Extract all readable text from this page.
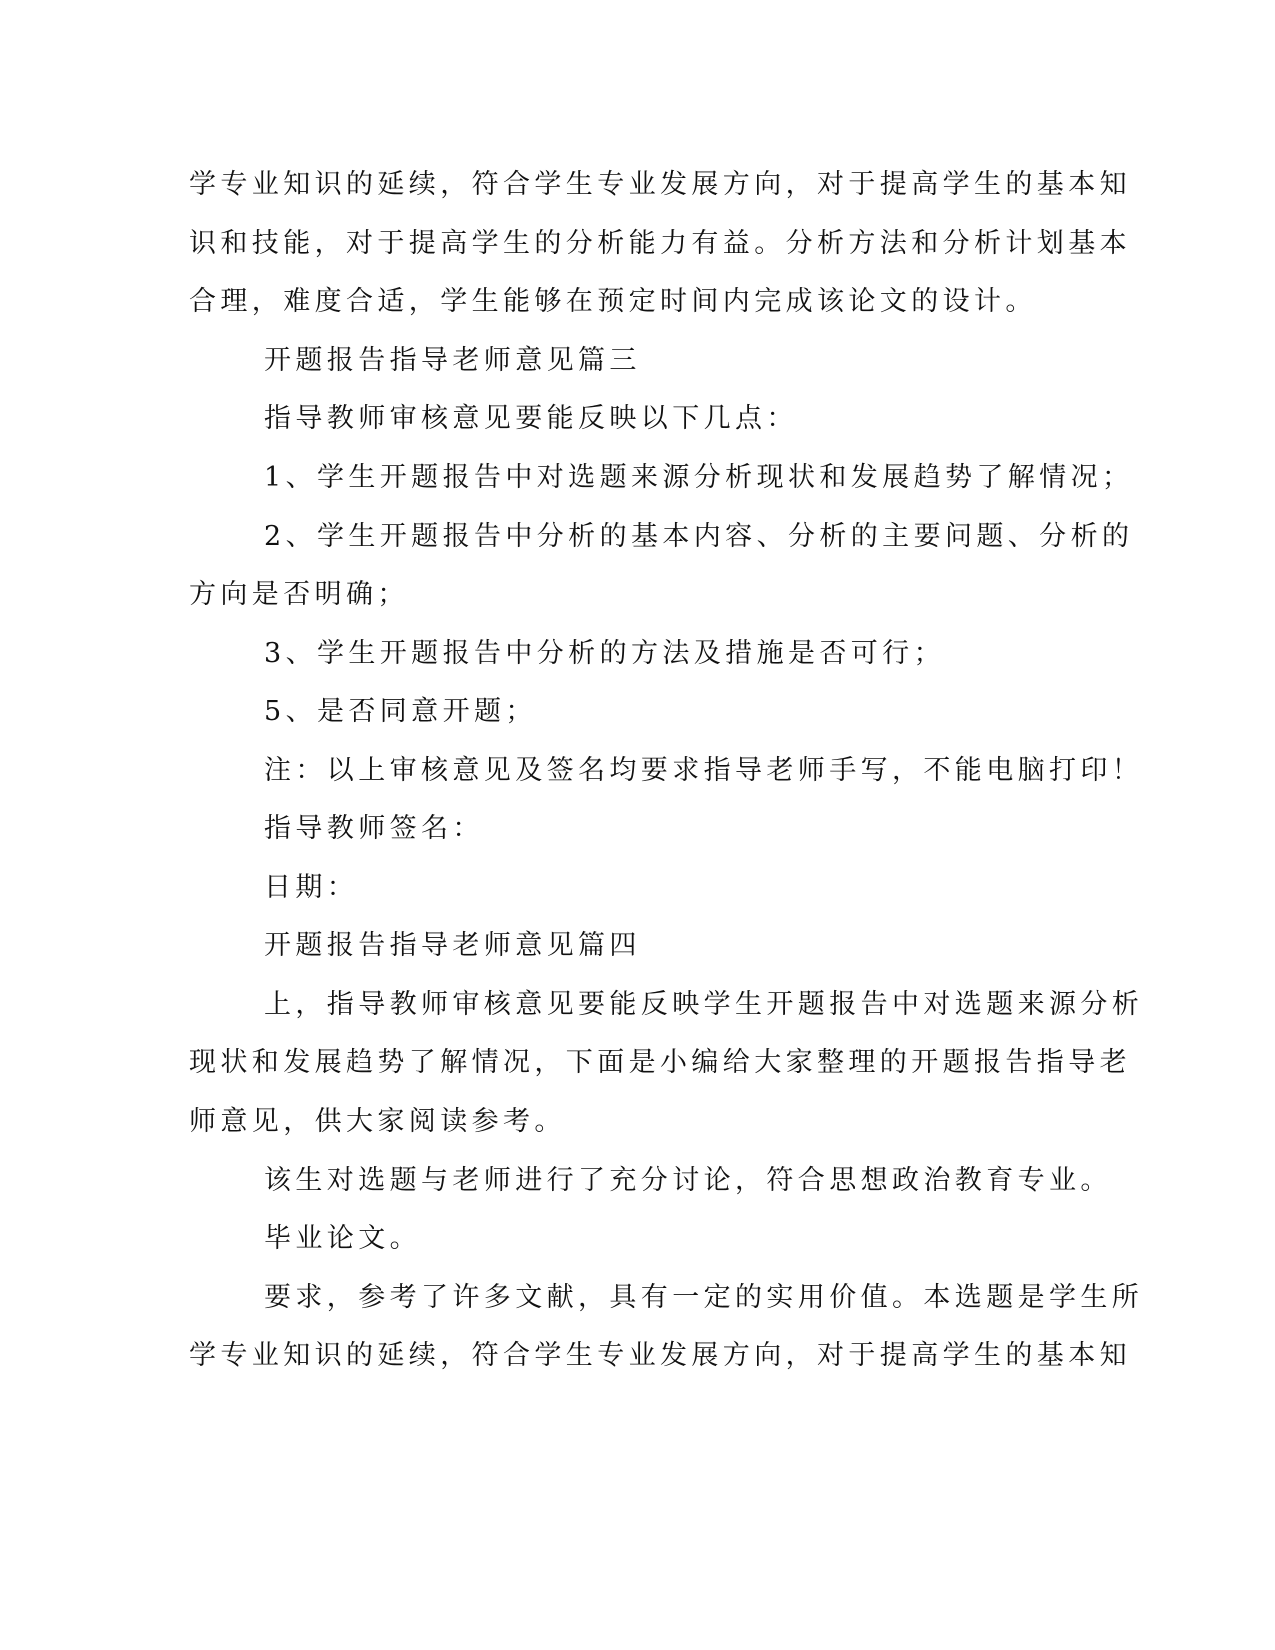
学专业知识的延续，符合学生专业发展方向，对于提高学生的基本知

识和技能，对于提高学生的分析能力有益。分析方法和分析计划基本

合理，难度合适，学生能够在预定时间内完成该论文的设计。

开题报告指导老师意见篇三

指导教师审核意见要能反映以下几点：

1、学生开题报告中对选题来源分析现状和发展趋势了解情况；

2、学生开题报告中分析的基本内容、分析的主要问题、分析的

方向是否明确；

3、学生开题报告中分析的方法及措施是否可行；

5、是否同意开题；

注：以上审核意见及签名均要求指导老师手写，不能电脑打印！

指导教师签名：

日期：

开题报告指导老师意见篇四

上，指导教师审核意见要能反映学生开题报告中对选题来源分析

现状和发展趋势了解情况，下面是小编给大家整理的开题报告指导老

师意见，供大家阅读参考。

该生对选题与老师进行了充分讨论，符合思想政治教育专业。

毕业论文。

要求，参考了许多文献，具有一定的实用价值。本选题是学生所

学专业知识的延续，符合学生专业发展方向，对于提高学生的基本知
